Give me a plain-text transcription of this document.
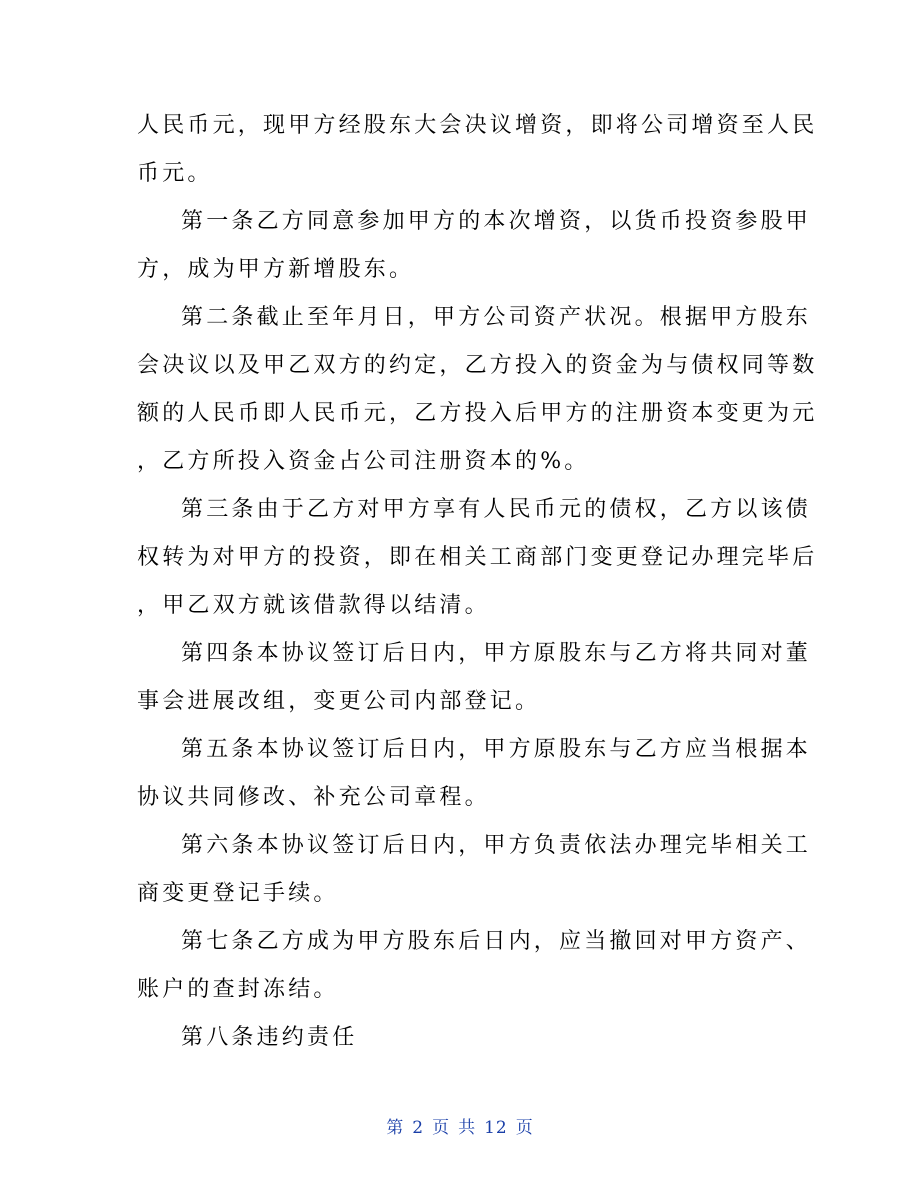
人民币元，现甲方经股东大会决议增资，即将公司增资至人民
币元。
第一条乙方同意参加甲方的本次增资，以货币投资参股甲
方，成为甲方新增股东。
第二条截止至年月日，甲方公司资产状况。根据甲方股东
会决议以及甲乙双方的约定，乙方投入的资金为与债权同等数
额的人民币即人民币元，乙方投入后甲方的注册资本变更为元
，乙方所投入资金占公司注册资本的%。
第三条由于乙方对甲方享有人民币元的债权，乙方以该债
权转为对甲方的投资，即在相关工商部门变更登记办理完毕后
，甲乙双方就该借款得以结清。
第四条本协议签订后日内，甲方原股东与乙方将共同对董
事会进展改组，变更公司内部登记。
第五条本协议签订后日内，甲方原股东与乙方应当根据本
协议共同修改、补充公司章程。
第六条本协议签订后日内，甲方负责依法办理完毕相关工
商变更登记手续。
第七条乙方成为甲方股东后日内，应当撤回对甲方资产、
账户的查封冻结。
第八条违约责任
第 2 页 共 12 页
